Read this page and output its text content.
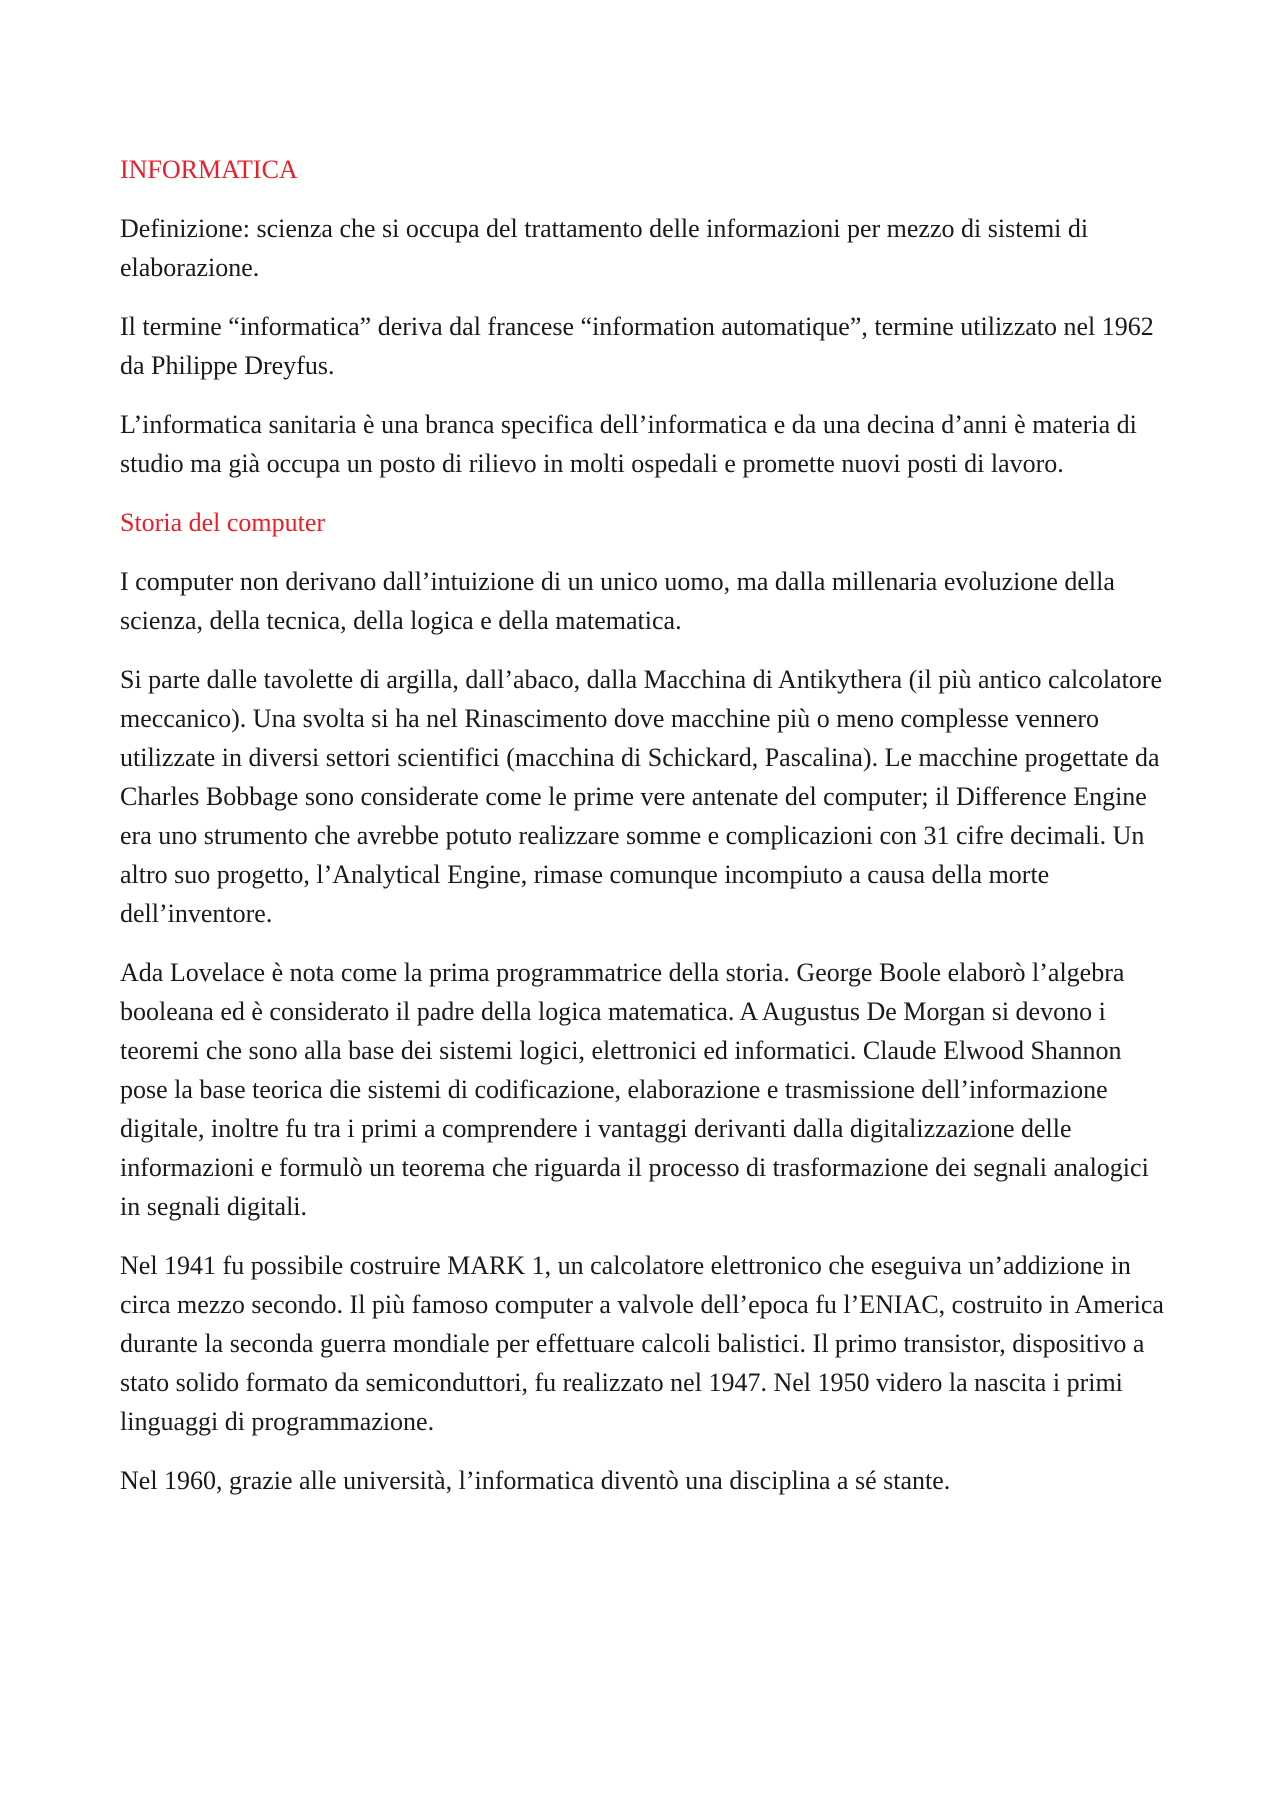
INFORMATICA

Definizione: scienza che si occupa del trattamento delle informazioni per mezzo di sistemi di elaborazione.

Il termine “informatica” deriva dal francese “information automatique”, termine utilizzato nel 1962 da Philippe Dreyfus.

L’informatica sanitaria è una branca specifica dell’informatica e da una decina d’anni è materia di studio ma già occupa un posto di rilievo in molti ospedali e promette nuovi posti di lavoro.

Storia del computer

I computer non derivano dall’intuizione di un unico uomo, ma dalla millenaria evoluzione della scienza, della tecnica, della logica e della matematica.

Si parte dalle tavolette di argilla, dall’abaco, dalla Macchina di Antikythera (il più antico calcolatore meccanico). Una svolta si ha nel Rinascimento dove macchine più o meno complesse vennero utilizzate in diversi settori scientifici (macchina di Schickard, Pascalina). Le macchine progettate da Charles Bobbage sono considerate come le prime vere antenate del computer; il Difference Engine era uno strumento che avrebbe potuto realizzare somme e complicazioni con 31 cifre decimali. Un altro suo progetto, l’Analytical Engine, rimase comunque incompiuto a causa della morte dell’inventore.

Ada Lovelace è nota come la prima programmatrice della storia. George Boole elaborò l’algebra booleana ed è considerato il padre della logica matematica. A Augustus De Morgan si devono i teoremi che sono alla base dei sistemi logici, elettronici ed informatici. Claude Elwood Shannon pose la base teorica die sistemi di codificazione, elaborazione e trasmissione dell’informazione digitale, inoltre fu tra i primi a comprendere i vantaggi derivanti dalla digitalizzazione delle informazioni e formulò un teorema che riguarda il processo di trasformazione dei segnali analogici in segnali digitali.

Nel 1941 fu possibile costruire MARK 1, un calcolatore elettronico che eseguiva un’addizione in circa mezzo secondo. Il più famoso computer a valvole dell’epoca fu l’ENIAC, costruito in America durante la seconda guerra mondiale per effettuare calcoli balistici. Il primo transistor, dispositivo a stato solido formato da semiconduttori, fu realizzato nel 1947. Nel 1950 videro la nascita i primi linguaggi di programmazione.

Nel 1960, grazie alle università, l’informatica diventò una disciplina a sé stante.
